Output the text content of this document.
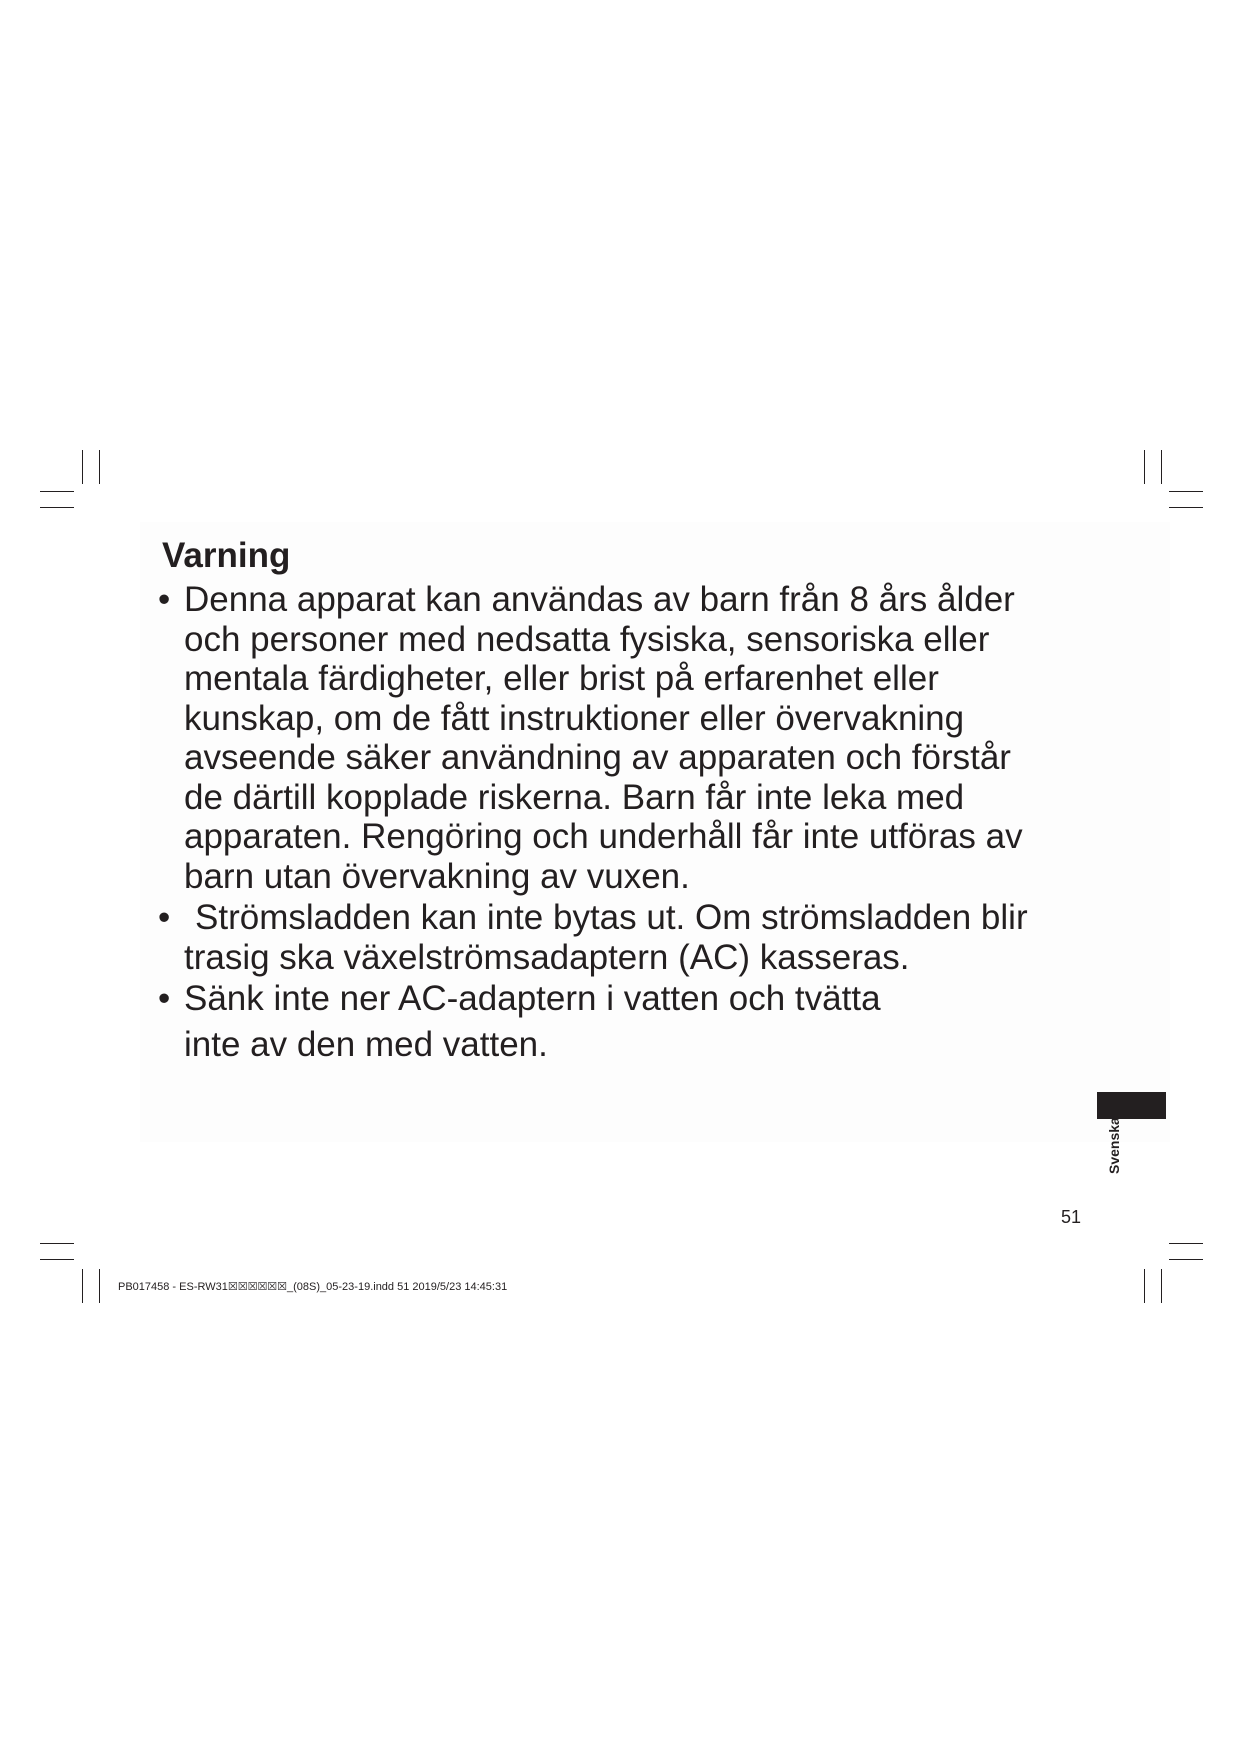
Varning
• Denna apparat kan användas av barn från 8 års ålder
och personer med nedsatta fysiska, sensoriska eller
mentala färdigheter, eller brist på erfarenhet eller
kunskap, om de fått instruktioner eller övervakning
avseende säker användning av apparaten och förstår
de därtill kopplade riskerna. Barn får inte leka med
apparaten. Rengöring och underhåll får inte utföras av
barn utan övervakning av vuxen.
• Strömsladden kan inte bytas ut. Om strömsladden blir
trasig ska växelströmsadaptern (AC) kasseras.
• Sänk inte ner AC-adaptern i vatten och tvätta
inte av den med vatten.
Svenska
51
PB017458 - ES-RW31☒☒☒☒☒☒_(08S)_05-23-19.indd 51 2019/5/23 14:45:31
